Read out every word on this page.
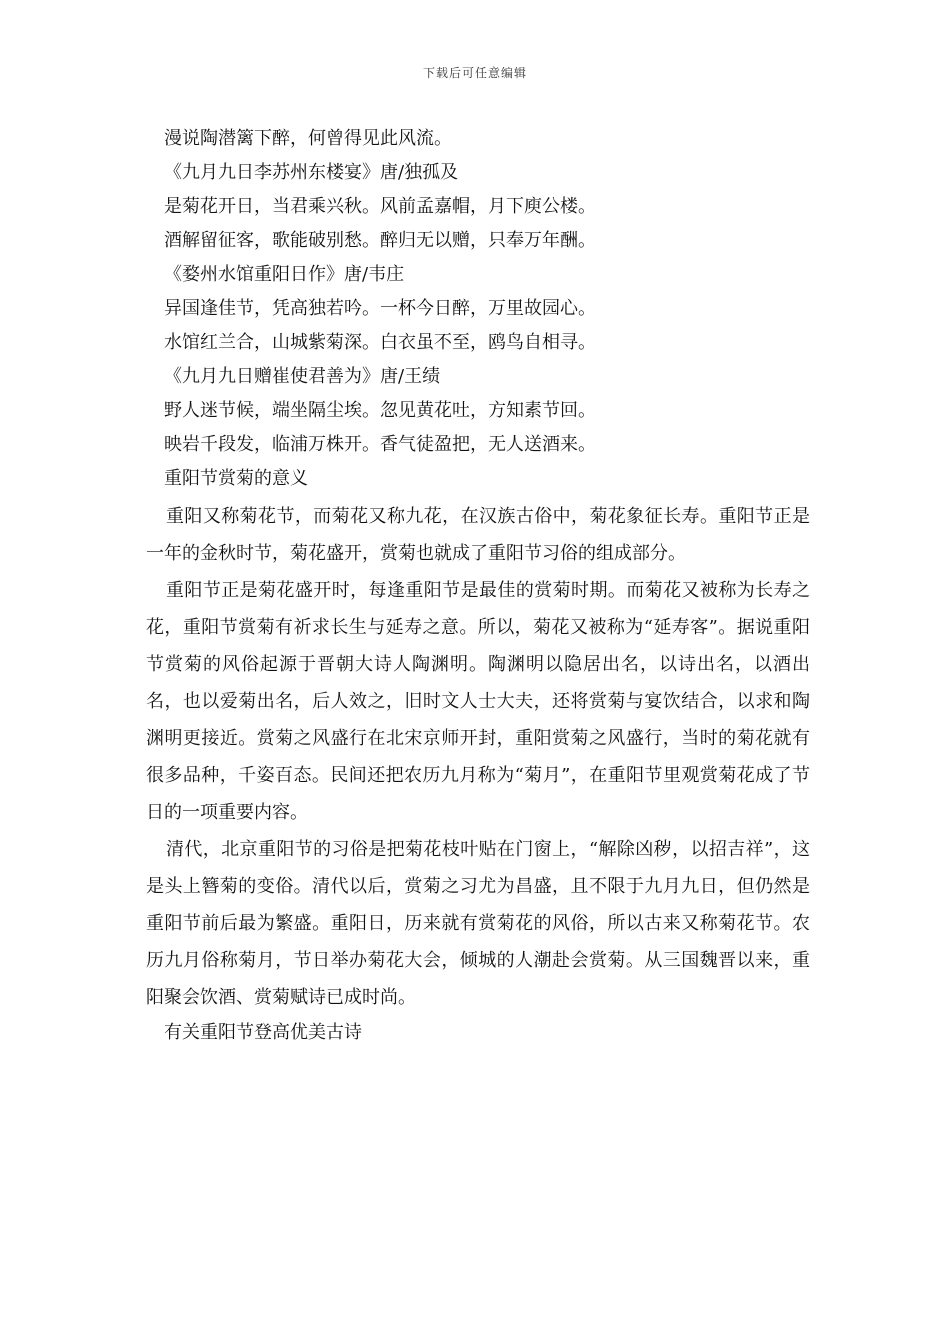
下载后可任意编辑
漫说陶潜篱下醉，何曾得见此风流。
《九月九日李苏州东楼宴》唐/独孤及
是菊花开日，当君乘兴秋。风前孟嘉帽，月下庾公楼。
酒解留征客，歌能破别愁。醉归无以赠，只奉万年酬。
《婺州水馆重阳日作》唐/韦庄
异国逢佳节，凭高独若吟。一杯今日醉，万里故园心。
水馆红兰合，山城紫菊深。白衣虽不至，鸥鸟自相寻。
《九月九日赠崔使君善为》唐/王绩
野人迷节候，端坐隔尘埃。忽见黄花吐，方知素节回。
映岩千段发，临浦万株开。香气徒盈把，无人送酒来。
重阳节赏菊的意义

重阳又称菊花节，而菊花又称九花，在汉族古俗中，菊花象征长寿。重阳节正是一年的金秋时节，菊花盛开，赏菊也就成了重阳节习俗的组成部分。

重阳节正是菊花盛开时，每逢重阳节是最佳的赏菊时期。而菊花又被称为长寿之花，重阳节赏菊有祈求长生与延寿之意。所以，菊花又被称为“延寿客”。据说重阳节赏菊的风俗起源于晋朝大诗人陶渊明。陶渊明以隐居出名，以诗出名，以酒出名，也以爱菊出名，后人效之，旧时文人士大夫，还将赏菊与宴饮结合，以求和陶渊明更接近。赏菊之风盛行在北宋京师开封，重阳赏菊之风盛行，当时的菊花就有很多品种，千姿百态。民间还把农历九月称为“菊月”，在重阳节里观赏菊花成了节日的一项重要内容。

清代，北京重阳节的习俗是把菊花枝叶贴在门窗上，“解除凶秽，以招吉祥”，这是头上簪菊的变俗。清代以后，赏菊之习尤为昌盛，且不限于九月九日，但仍然是重阳节前后最为繁盛。重阳日，历来就有赏菊花的风俗，所以古来又称菊花节。农历九月俗称菊月，节日举办菊花大会，倾城的人潮赴会赏菊。从三国魏晋以来，重阳聚会饮酒、赏菊赋诗已成时尚。

有关重阳节登高优美古诗
